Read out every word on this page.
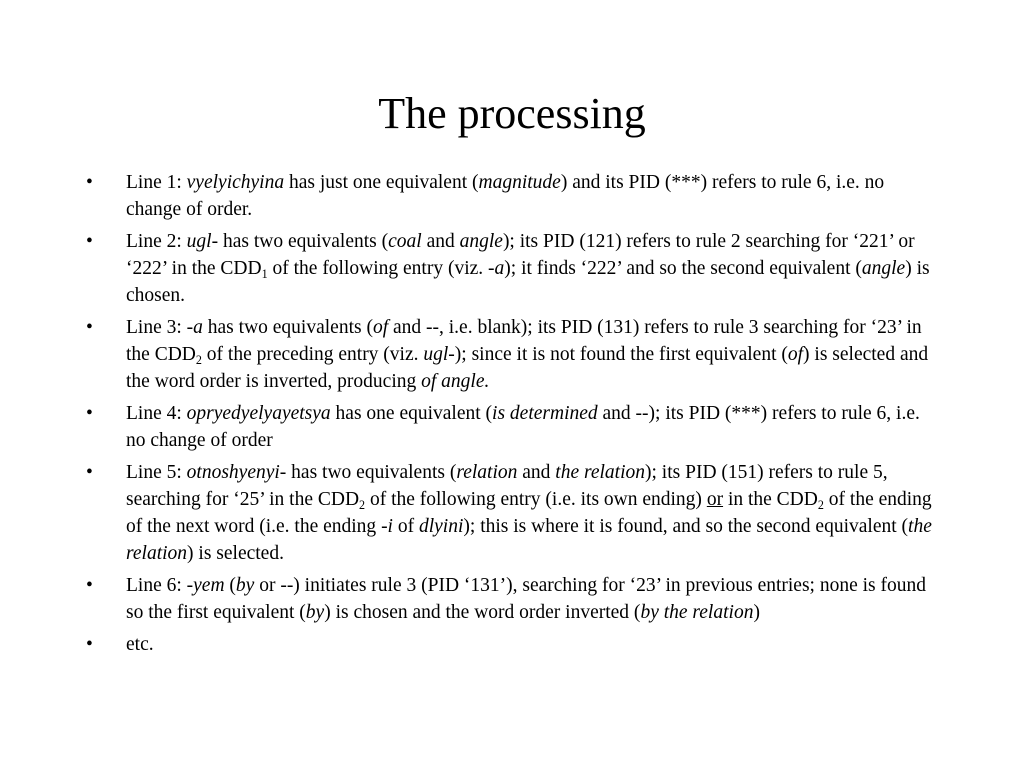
The processing
• Line 1: vyelyichyina has just one equivalent (magnitude) and its PID (***) refers to rule 6, i.e. no change of order.
• Line 2: ugl- has two equivalents (coal and angle); its PID (121) refers to rule 2 searching for ‘221’ or ‘222’ in the $CDD_1$ of the following entry (viz. -a); it finds ‘222’ and so the second equivalent (angle) is chosen.
• Line 3: -a has two equivalents (of and --, i.e. blank); its PID (131) refers to rule 3 searching for ‘23’ in the $CDD_2$ of the preceding entry (viz. ugl-); since it is not found the first equivalent (of) is selected and the word order is inverted, producing of angle.
• Line 4: opryedyelyayetsya has one equivalent (is determined and --); its PID (***) refers to rule 6, i.e. no change of order
• Line 5: otnoshyenyi- has two equivalents (relation and the relation); its PID (151) refers to rule 5, searching for ‘25’ in the $CDD_2$ of the following entry (i.e. its own ending) or in the $CDD_2$ of the ending of the next word (i.e. the ending -i of dlyini); this is where it is found, and so the second equivalent (the relation) is selected.
• Line 6: -yem (by or --) initiates rule 3 (PID ‘131’), searching for ‘23’ in previous entries; none is found so the first equivalent (by) is chosen and the word order inverted (by the relation)
• etc.
